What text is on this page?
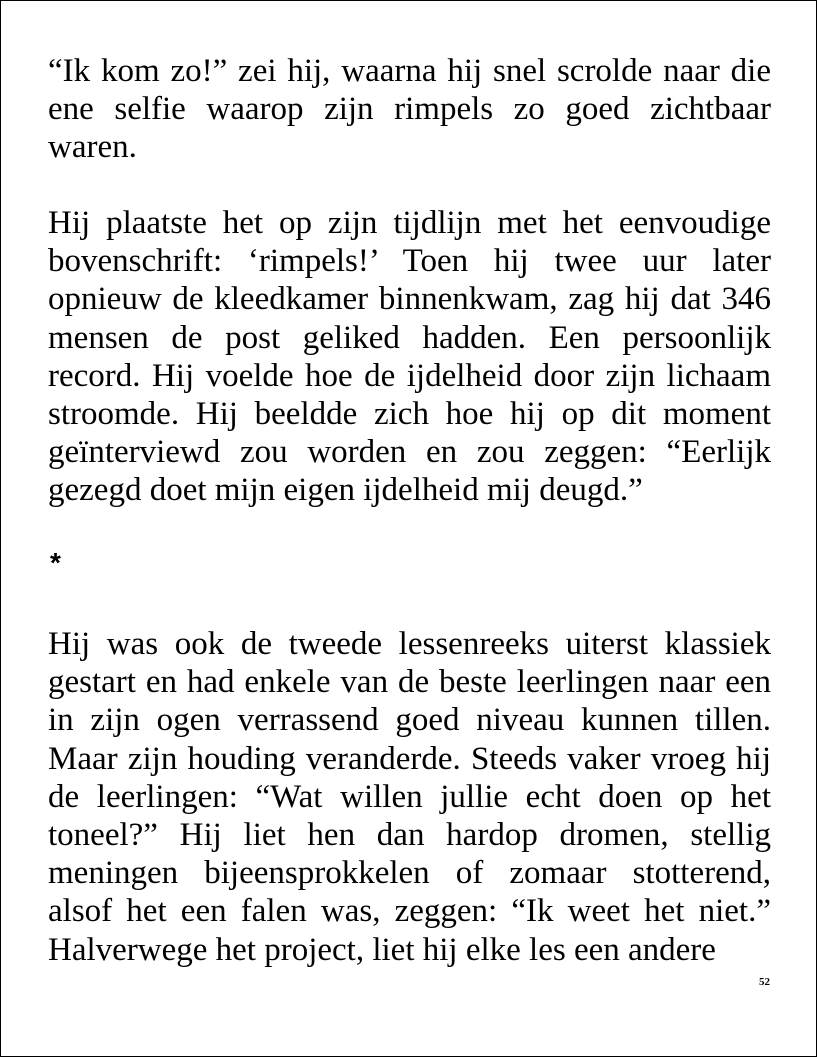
“Ik kom zo!” zei hij, waarna hij snel scrolde naar die ene selfie waarop zijn rimpels zo goed zichtbaar waren.

Hij plaatste het op zijn tijdlijn met het eenvoudige bovenschrift: ‘rimpels!’ Toen hij twee uur later opnieuw de kleedkamer binnenkwam, zag hij dat 346 mensen de post geliked hadden. Een persoonlijk record. Hij voelde hoe de ijdelheid door zijn lichaam stroomde. Hij beeldde zich hoe hij op dit moment geïnterviewd zou worden en zou zeggen: “Eerlijk gezegd doet mijn eigen ijdelheid mij deugd.”

*

Hij was ook de tweede lessenreeks uiterst klassiek gestart en had enkele van de beste leerlingen naar een in zijn ogen verrassend goed niveau kunnen tillen. Maar zijn houding veranderde. Steeds vaker vroeg hij de leerlingen: “Wat willen jullie echt doen op het toneel?” Hij liet hen dan hardop dromen, stellig meningen bijeensprokkelen of zomaar stotterend, alsof het een falen was, zeggen: “Ik weet het niet.” Halverwege het project, liet hij elke les een andere

52
